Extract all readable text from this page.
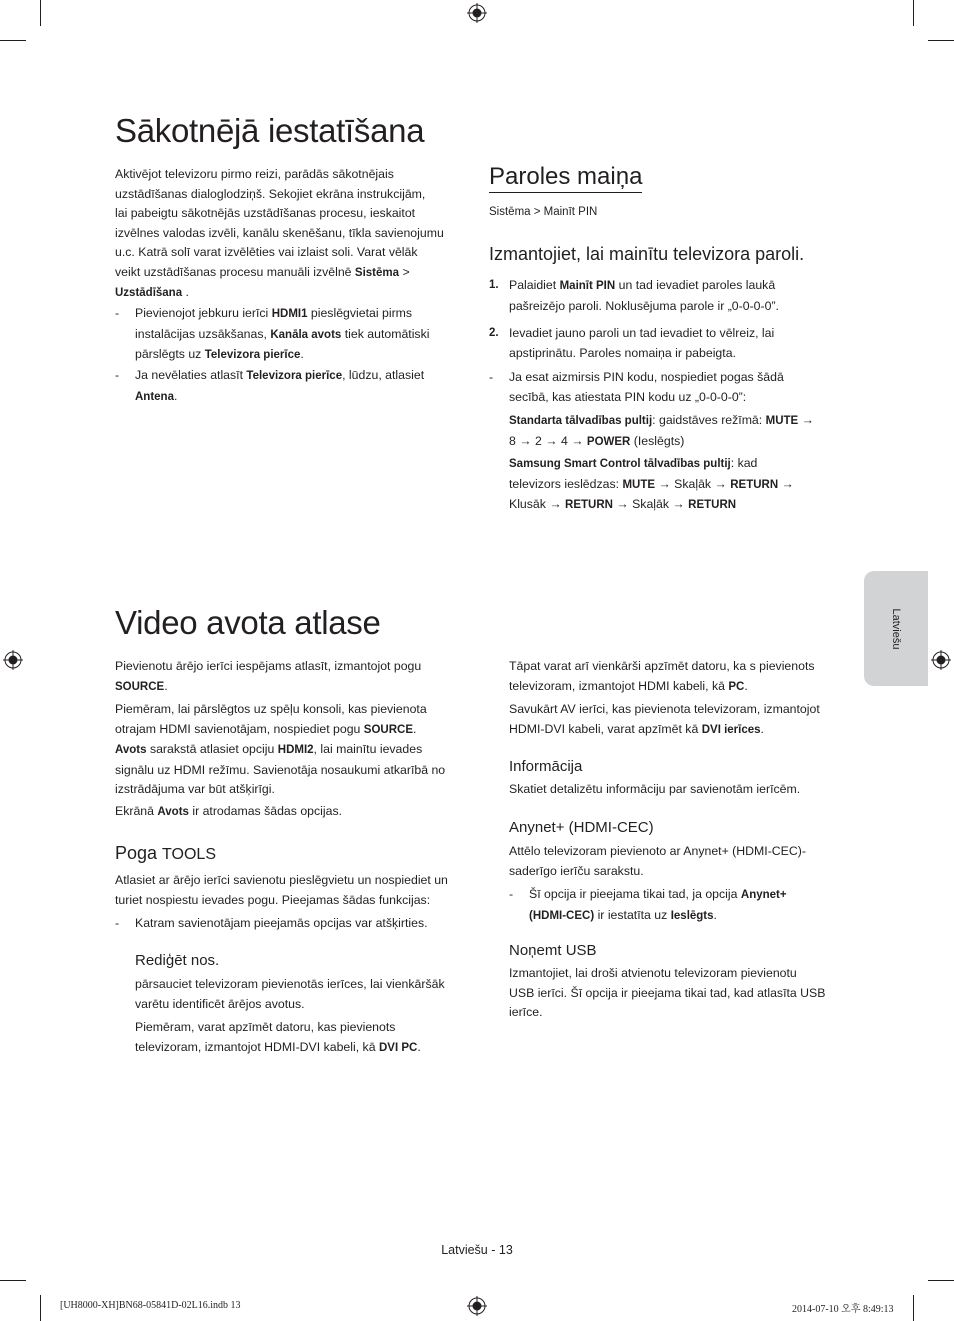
Latviešu
Sākotnējā iestatīšana

Aktivējot televizoru pirmo reizi, parādās sākotnējais

uzstādīšanas dialoglodziņš. Sekojiet ekrāna instrukcijām,

lai pabeigtu sākotnējās uzstādīšanas procesu, ieskaitot

izvēlnes valodas izvēli, kanālu skenēšanu, tīkla savienojumu

u.c. Katrā solī varat izvēlēties vai izlaist soli. Varat vēlāk

veikt uzstādīšanas procesu manuāli izvēlnē Sistēma >

Uzstādīšana .

-	Pievienojot jebkuru ierīci HDMI1 pieslēgvietai pirms

instalācijas uzsākšanas, Kanāla avots tiek automātiski

pārslēgts uz Televizora pierīce.

-	Ja nevēlaties atlasīt Televizora pierīce, lūdzu, atlasiet

Antena.

Paroles maiņa
Sistēma > Mainīt PIN
Izmantojiet, lai mainītu televizora paroli.
1. Palaidiet Mainīt PIN un tad ievadiet paroles laukā

pašreizējo paroli. Noklusējuma parole ir „0-0-0-0”.

2. Ievadiet jauno paroli un tad ievadiet to vēlreiz, lai

apstiprinātu. Paroles nomaiņa ir pabeigta.

-	Ja esat aizmirsis PIN kodu, nospiediet pogas šādā

secībā, kas atiestata PIN kodu uz „0-0-0-0”:

Standarta tālvadības pultij: gaidstāves režīmā: MUTE →

8 → 2 → 4 → POWER (Ieslēgts)

Samsung Smart Control tālvadības pultij: kad

televizors ieslēdzas: MUTE → Skaļāk → RETURN →

Klusāk → RETURN → Skaļāk → RETURN

Video avota atlase

Pievienotu ārējo ierīci iespējams atlasīt, izmantojot pogu

SOURCE.

Piemēram, lai pārslēgtos uz spēļu konsoli, kas pievienota

otrajam HDMI savienotājam, nospiediet pogu SOURCE.

Avots sarakstā atlasiet opciju HDMI2, lai mainītu ievades

signālu uz HDMI režīmu. Savienotāja nosaukumi atkarībā no

izstrādājuma var būt atšķirīgi.

Ekrānā Avots ir atrodamas šādas opcijas.

Poga TOOLS

Atlasiet ar ārējo ierīci savienotu pieslēgvietu un nospiediet un

turiet nospiestu ievades pogu. Pieejamas šādas funkcijas:

-	Katram savienotājam pieejamās opcijas var atšķirties.

Rediģēt nos.

pārsauciet televizoram pievienotās ierīces, lai vienkāršāk

varētu identificēt ārējos avotus.

Piemēram, varat apzīmēt datoru, kas pievienots

televizoram, izmantojot HDMI-DVI kabeli, kā DVI PC.

Tāpat varat arī vienkārši apzīmēt datoru, ka s pievienots

televizoram, izmantojot HDMI kabeli, kā PC.

Savukārt AV ierīci, kas pievienota televizoram, izmantojot

HDMI-DVI kabeli, varat apzīmēt kā DVI ierīces.

Informācija
Skatiet detalizētu informāciju par savienotām ierīcēm.
Anynet+ (HDMI-CEC)

Attēlo televizoram pievienoto ar Anynet+ (HDMI-CEC)-

saderīgo ierīču sarakstu.

-	Šī opcija ir pieejama tikai tad, ja opcija Anynet+

(HDMI-CEC) ir iestatīta uz Ieslēgts.

Noņemt USB

Izmantojiet, lai droši atvienotu televizoram pievienotu

USB ierīci. Šī opcija ir pieejama tikai tad, kad atlasīta USB

ierīce.

Latviešu - 13
[UH8000-XH]BN68-05841D-02L16.indb 13	2014-07-10 오후 8:49:13
